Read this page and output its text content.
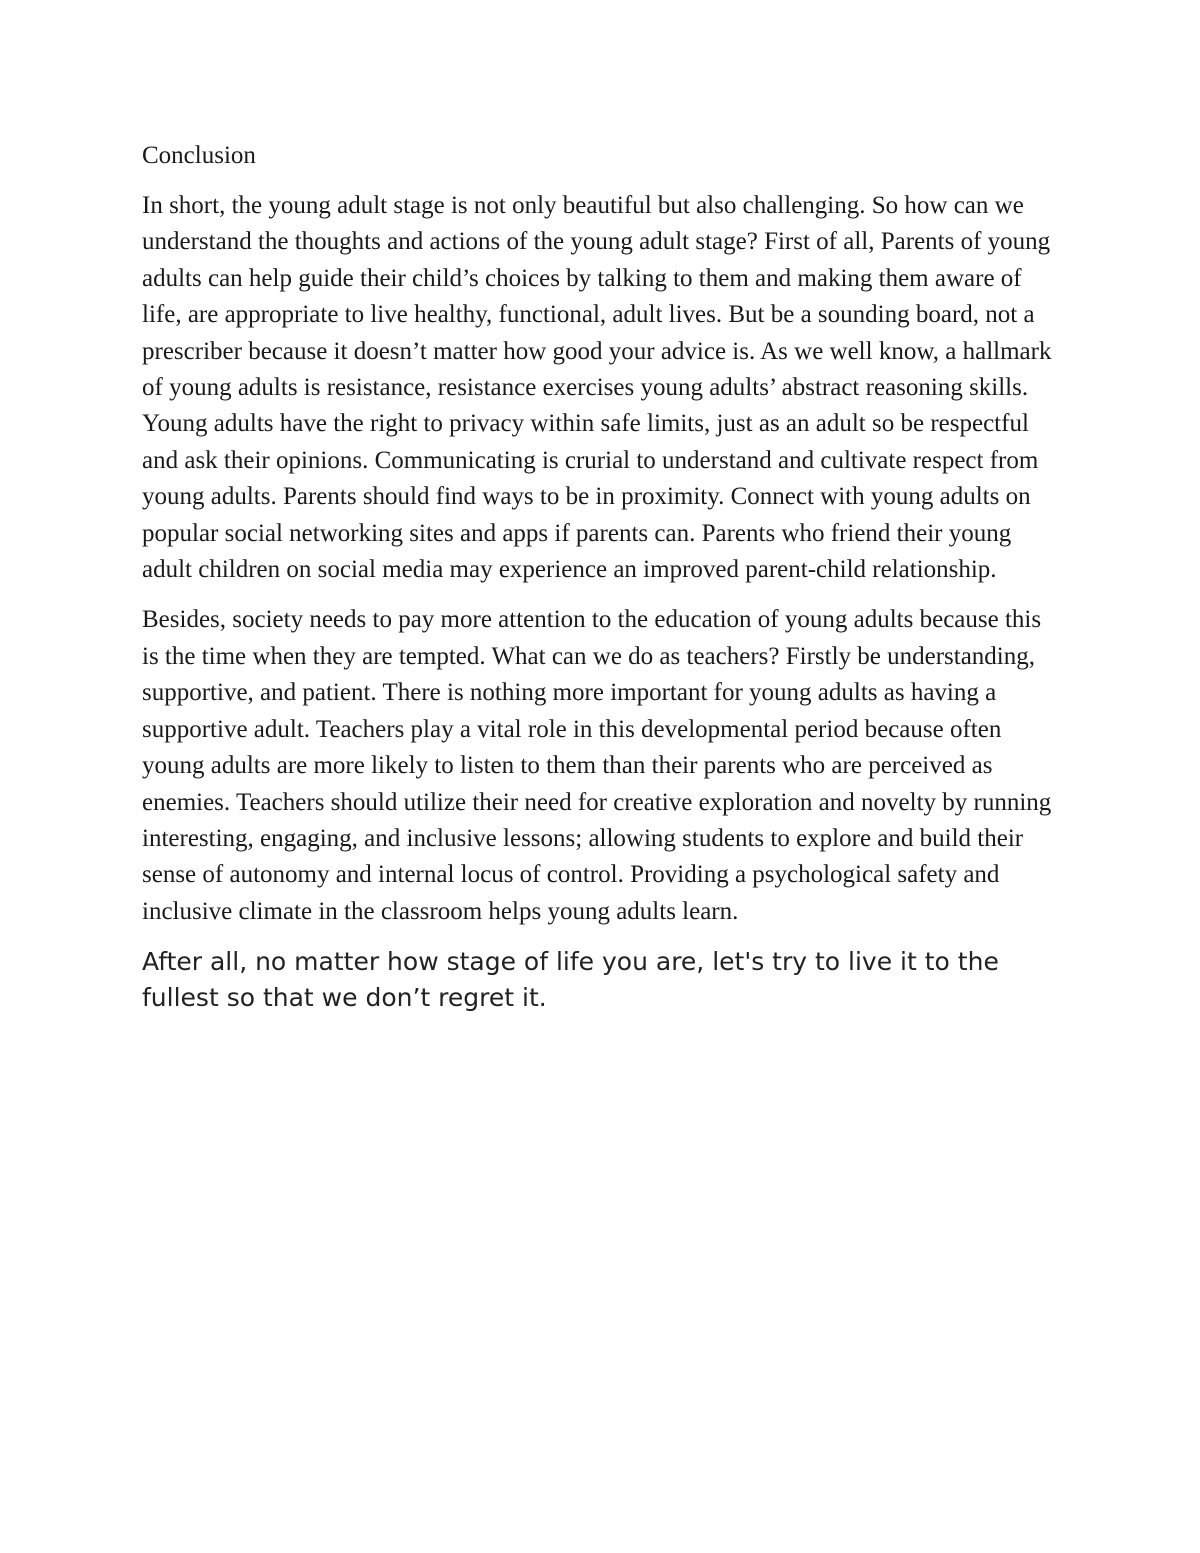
Conclusion

In short, the young adult stage is not only beautiful but also challenging. So how can we understand the thoughts and actions of the young adult stage? First of all, Parents of young adults can help guide their child’s choices by talking to them and making them aware of life, are appropriate to live healthy, functional, adult lives. But be a sounding board, not a prescriber because it doesn’t matter how good your advice is. As we well know, a hallmark of young adults is resistance, resistance exercises young adults’ abstract reasoning skills. Young adults have the right to privacy within safe limits, just as an adult so be respectful and ask their opinions. Communicating is crurial to understand and cultivate respect from young adults. Parents should find ways to be in proximity. Connect with young adults on popular social networking sites and apps if parents can. Parents who friend their young adult children on social media may experience an improved parent-child relationship.

Besides, society needs to pay more attention to the education of young adults because this is the time when they are tempted. What can we do as teachers? Firstly be understanding, supportive, and patient. There is nothing more important for young adults as having a supportive adult. Teachers play a vital role in this developmental period because often young adults are more likely to listen to them than their parents who are perceived as enemies. Teachers should utilize their need for creative exploration and novelty by running interesting, engaging, and inclusive lessons; allowing students to explore and build their sense of autonomy and internal locus of control. Providing a psychological safety and inclusive climate in the classroom helps young adults learn.

After all, no matter how stage of life you are, let's try to live it to the fullest so that we don’t regret it.
